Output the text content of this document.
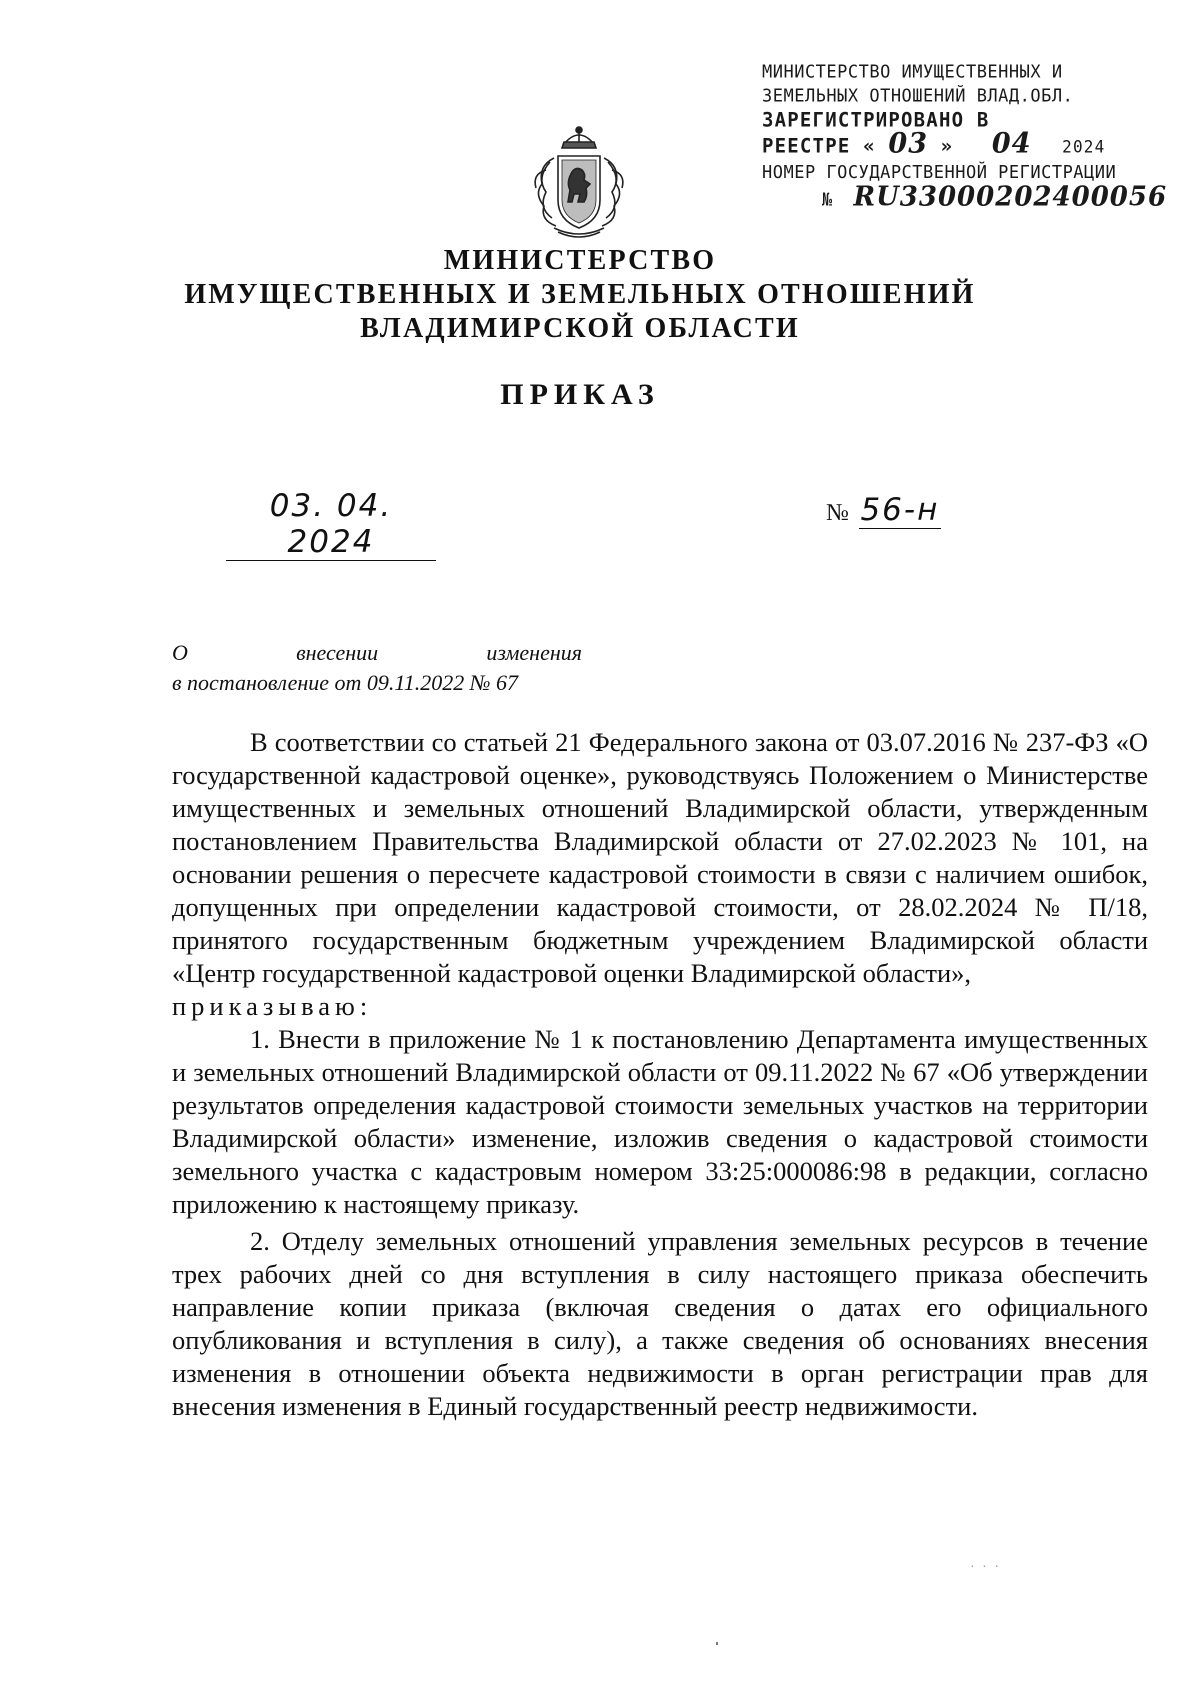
МИНИСТЕРСТВО ИМУЩЕСТВЕННЫХ И
ЗЕМЕЛЬНЫХ ОТНОШЕНИЙ ВЛАД.ОБЛ.
ЗАРЕГИСТРИРОВАНО В
РЕЕСТРЕ « 03 » 04 2024
НОМЕР ГОСУДАРСТВЕННОЙ РЕГИСТРАЦИИ
№ RU33000202400056
МИНИСТЕРСТВО
ИМУЩЕСТВЕННЫХ И ЗЕМЕЛЬНЫХ ОТНОШЕНИЙ
ВЛАДИМИРСКОЙ ОБЛАСТИ
ПРИКАЗ
03. 04. 2024
№ 56-н
О	внесении	изменения
в постановление от 09.11.2022 № 67

В соответствии со статьей 21 Федерального закона от 03.07.2016 № 237-ФЗ «О государственной кадастровой оценке», руководствуясь Положением о Министерстве имущественных и земельных отношений Владимирской области, утвержденным постановлением Правительства Владимирской области от 27.02.2023 № 101, на основании решения о пересчете кадастровой стоимости в связи с наличием ошибок, допущенных при определении кадастровой стоимости, от 28.02.2024 № П/18, принятого государственным бюджетным учреждением Владимирской области «Центр государственной кадастровой оценки Владимирской области»,

приказываю:

1. Внести в приложение № 1 к постановлению Департамента имущественных и земельных отношений Владимирской области от 09.11.2022 № 67 «Об утверждении результатов определения кадастровой стоимости земельных участков на территории Владимирской области» изменение, изложив сведения о кадастровой стоимости земельного участка с кадастровым номером 33:25:000086:98 в редакции, согласно приложению к настоящему приказу.

2. Отделу земельных отношений управления земельных ресурсов в течение трех рабочих дней со дня вступления в силу настоящего приказа обеспечить направление копии приказа (включая сведения о датах его официального опубликования и вступления в силу), а также сведения об основаниях внесения изменения в отношении объекта недвижимости в орган регистрации прав для внесения изменения в Единый государственный реестр недвижимости.

· · ·
